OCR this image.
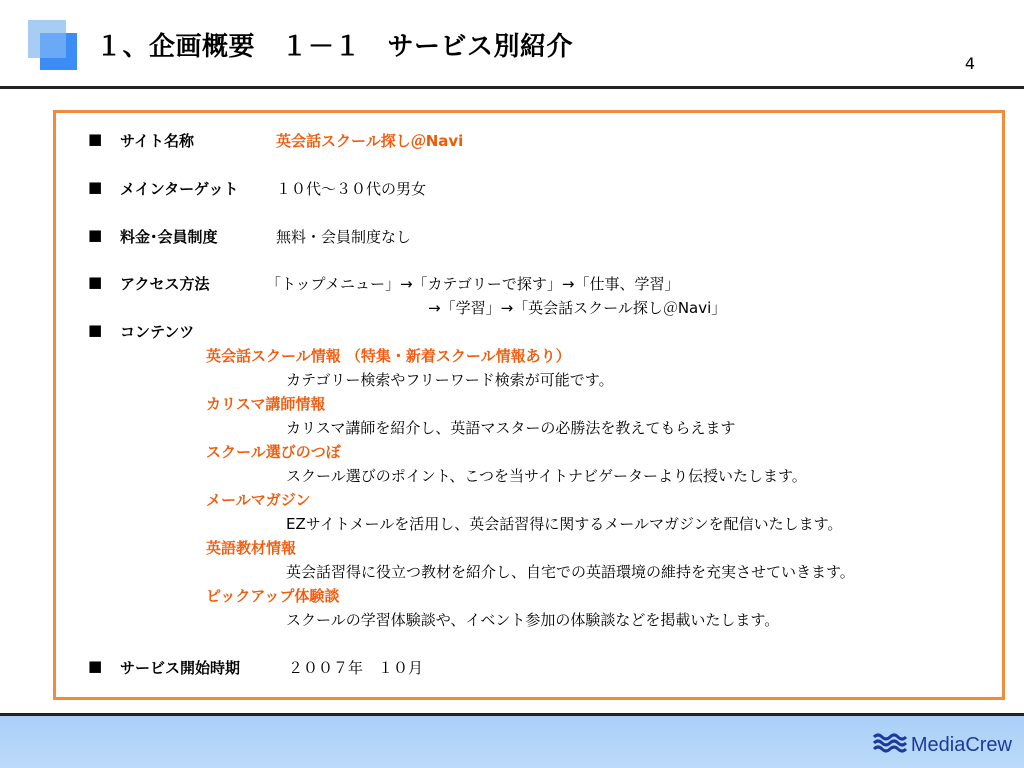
１、企画概要　１－１　サービス別紹介
4
■ サイト名称	英会話スクール探し＠Navi
■ メインターゲット １０代～３０代の男女
■ 料金･会員制度	無料・会員制度なし
■ アクセス方法	「トップメニュー」→「カテゴリーで探す」→「仕事、学習」
→「学習」→「英会話スクール探し＠Navi」
■ コンテンツ
英会話スクール情報 （特集・新着スクール情報あり）
カテゴリー検索やフリーワード検索が可能です。
カリスマ講師情報
カリスマ講師を紹介し、英語マスターの必勝法を教えてもらえます
スクール選びのつぼ
スクール選びのポイント、こつを当サイトナビゲーターより伝授いたします。
メールマガジン
EZサイトメールを活用し、英会話習得に関するメールマガジンを配信いたします。
英語教材情報
英会話習得に役立つ教材を紹介し、自宅での英語環境の維持を充実させていきます。
ピックアップ体験談
スクールの学習体験談や、イベント参加の体験談などを掲載いたします。
■ サービス開始時期	２００７年　１０月
MediaCrew
